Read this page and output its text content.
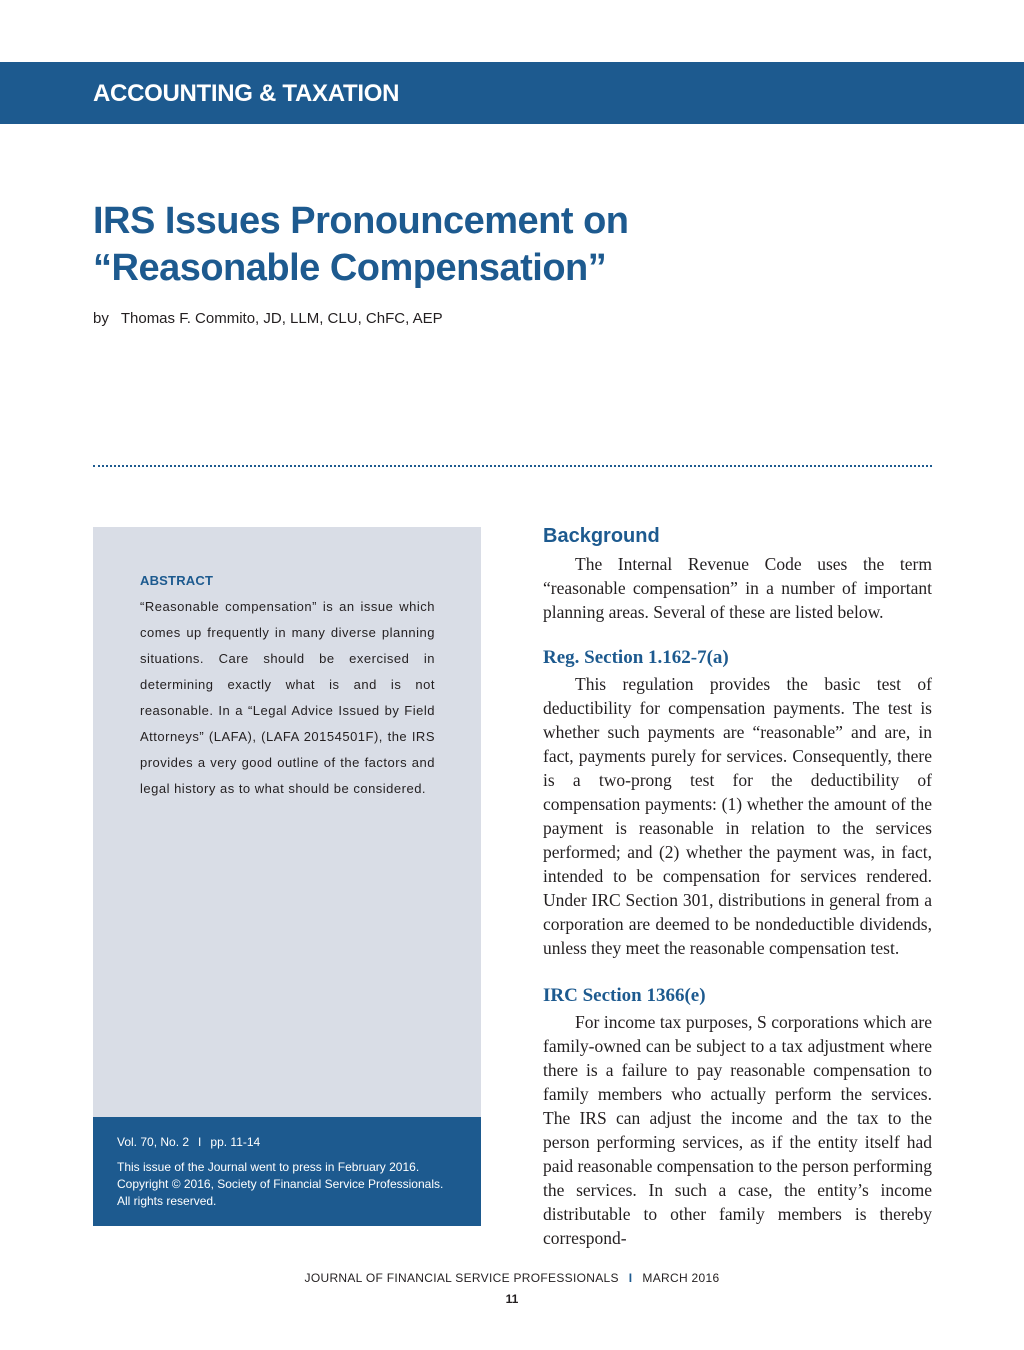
ACCOUNTING & TAXATION
IRS Issues Pronouncement on
“Reasonable Compensation”
by Thomas F. Commito, JD, LLM, CLU, ChFC, AEP
ABSTRACT
“Reasonable compensation” is an issue which comes up frequently in many diverse planning situations. Care should be exercised in determining exactly what is and is not reasonable. In a “Legal Advice Issued by Field Attorneys” (LAFA), (LAFA 20154501F), the IRS provides a very good outline of the factors and legal history as to what should be considered.
Vol. 70, No. 2 I pp. 11-14
This issue of the Journal went to press in February 2016.
Copyright © 2016, Society of Financial Service Professionals.
All rights reserved.
Background

The Internal Revenue Code uses the term “reasonable compensation” in a number of important planning areas. Several of these are listed below.

Reg. Section 1.162-7(a)

This regulation provides the basic test of deductibility for compensation payments. The test is whether such payments are “reasonable” and are, in fact, payments purely for services. Consequently, there is a two-prong test for the deductibility of compensation payments: (1) whether the amount of the payment is reasonable in relation to the services performed; and (2) whether the payment was, in fact, intended to be compensation for services rendered. Under IRC Section 301, distributions in general from a corporation are deemed to be nondeductible dividends, unless they meet the reasonable compensation test.

IRC Section 1366(e)

For income tax purposes, S corporations which are family-owned can be subject to a tax adjustment where there is a failure to pay reasonable compensation to family members who actually perform the services. The IRS can adjust the income and the tax to the person performing services, as if the entity itself had paid reasonable compensation to the person performing the services. In such a case, the entity’s income distributable to other family members is thereby correspond-

JOURNAL OF FINANCIAL SERVICE PROFESSIONALS I MARCH 2016
11
